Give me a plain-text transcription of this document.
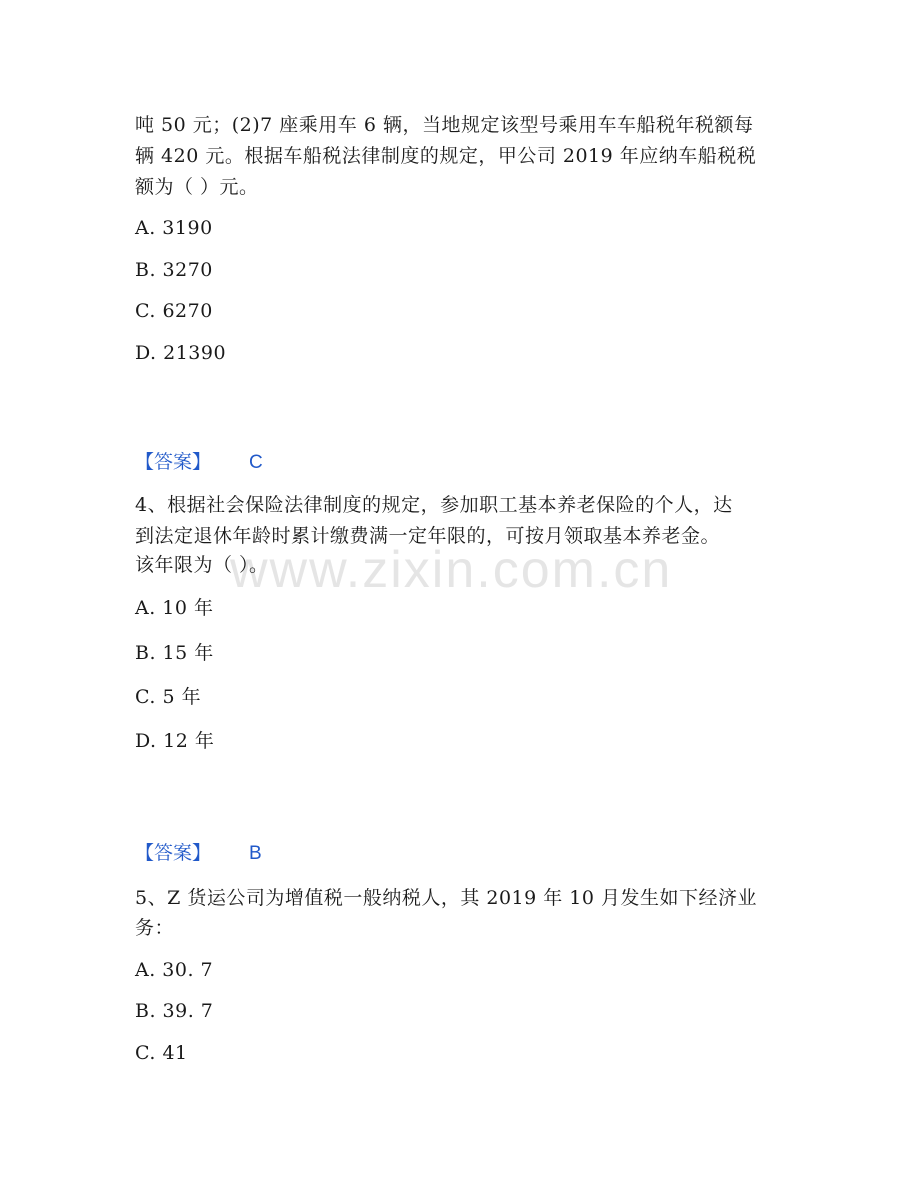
www.zixin.com.cn
吨 50 元；(2)7 座乘用车 6 辆，当地规定该型号乘用车车船税年税额每
辆 420 元。根据车船税法律制度的规定，甲公司 2019 年应纳车船税税
额为（ ）元。
A. 3190
B. 3270
C. 6270
D. 21390
【答案】 C
4、根据社会保险法律制度的规定，参加职工基本养老保险的个人，达
到法定退休年龄时累计缴费满一定年限的，可按月领取基本养老金。
该年限为（ ）。
A. 10 年
B. 15 年
C. 5 年
D. 12 年
【答案】 B
5、Z 货运公司为增值税一般纳税人，其 2019 年 10 月发生如下经济业
务：
A. 30. 7
B. 39. 7
C. 41
